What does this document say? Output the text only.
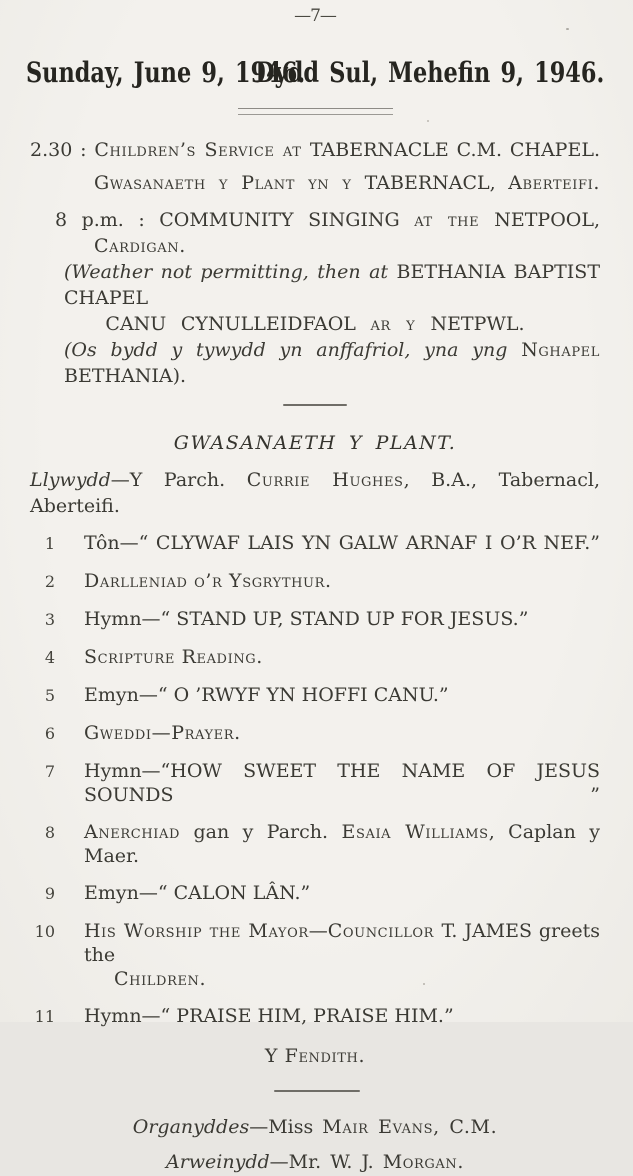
—7—
Sunday, June 9, 1946.
Dydd Sul, Mehefin 9, 1946.
2.30 : Children’s Service at TABERNACLE C.M. CHAPEL.
Gwasanaeth y Plant yn y TABERNACL, Aberteifi.
8 p.m. : COMMUNITY SINGING at the NETPOOL,
Cardigan.
(Weather not permitting, then at BETHANIA BAPTIST CHAPEL
CANU CYNULLEIDFAOL ar y NETPWL.
(Os bydd y tywydd yn anffafriol, yna yng Nghapel BETHANIA).
GWASANAETH Y PLANT.
Llywydd—Y Parch. Currie Hughes, B.A., Tabernacl, Aberteifi.
1 Tôn—“ CLYWAF LAIS YN GALW ARNAF I O’R NEF.”
2 Darlleniad o’r Ysgrythur.
3 Hymn—“ STAND UP, STAND UP FOR JESUS.”
4 Scripture Reading.
5 Emyn—“ O ’RWYF YN HOFFI CANU.”
6 Gweddi—Prayer.
7 Hymn—“HOW SWEET THE NAME OF JESUS SOUNDS ”
8 Anerchiad gan y Parch. Esaia Williams, Caplan y Maer.
9 Emyn—“ CALON LÂN.”
10 His Worship the Mayor—Councillor T. JAMES greets the
Children.
11 Hymn—“ PRAISE HIM, PRAISE HIM.”
Y Fendith.
Organyddes—Miss Mair Evans, C.M.
Arweinydd—Mr. W. J. Morgan.
